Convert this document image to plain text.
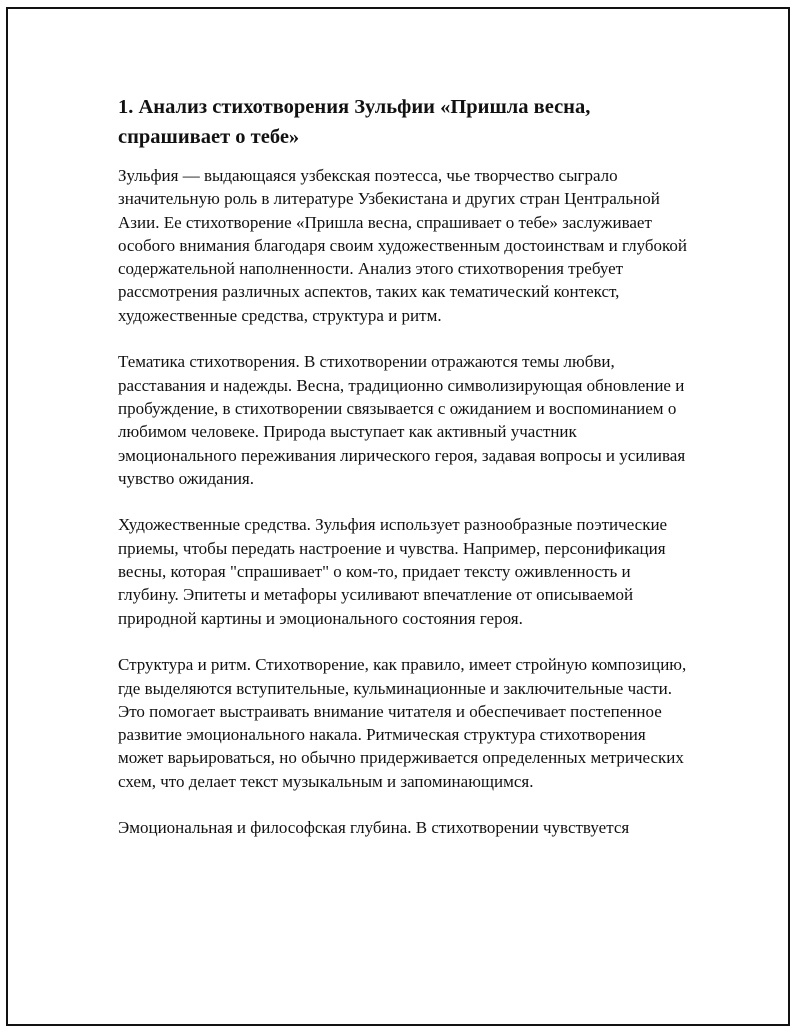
1. Анализ стихотворения Зульфии «Пришла весна, спрашивает о тебе»

Зульфия — выдающаяся узбекская поэтесса, чье творчество сыграло значительную роль в литературе Узбекистана и других стран Центральной Азии. Ее стихотворение «Пришла весна, спрашивает о тебе» заслуживает особого внимания благодаря своим художественным достоинствам и глубокой содержательной наполненности. Анализ этого стихотворения требует рассмотрения различных аспектов, таких как тематический контекст, художественные средства, структура и ритм.

Тематика стихотворения. В стихотворении отражаются темы любви, расставания и надежды. Весна, традиционно символизирующая обновление и пробуждение, в стихотворении связывается с ожиданием и воспоминанием о любимом человеке. Природа выступает как активный участник эмоционального переживания лирического героя, задавая вопросы и усиливая чувство ожидания.

Художественные средства. Зульфия использует разнообразные поэтические приемы, чтобы передать настроение и чувства. Например, персонификация весны, которая "спрашивает" о ком-то, придает тексту оживленность и глубину. Эпитеты и метафоры усиливают впечатление от описываемой природной картины и эмоционального состояния героя.

Структура и ритм. Стихотворение, как правило, имеет стройную композицию, где выделяются вступительные, кульминационные и заключительные части. Это помогает выстраивать внимание читателя и обеспечивает постепенное развитие эмоционального накала. Ритмическая структура стихотворения может варьироваться, но обычно придерживается определенных метрических схем, что делает текст музыкальным и запоминающимся.

Эмоциональная и философская глубина. В стихотворении чувствуется
